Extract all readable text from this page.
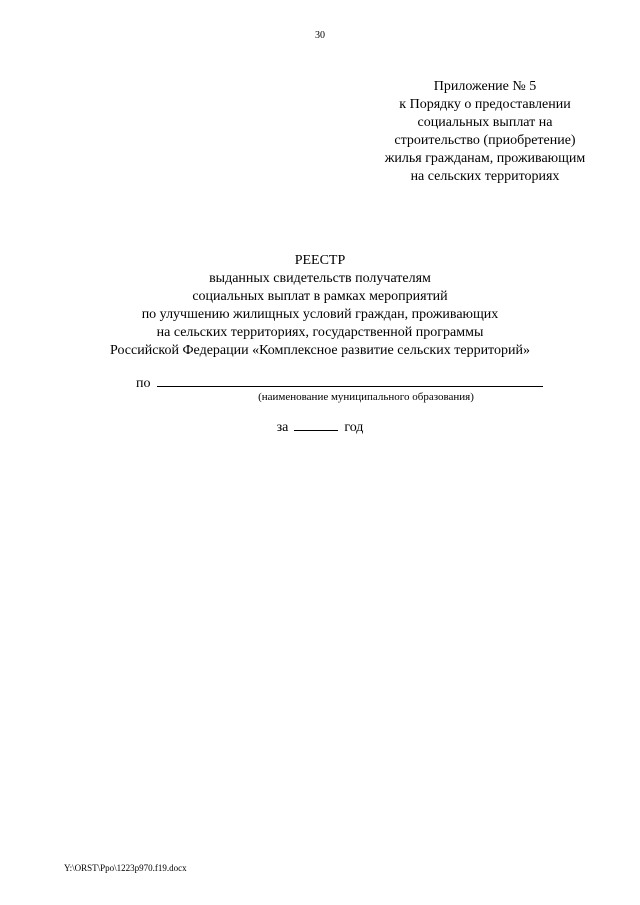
30
Приложение № 5
к Порядку о предоставлении
социальных выплат на
строительство (приобретение)
жилья гражданам, проживающим
на сельских территориях
РЕЕСТР
выданных свидетельств получателям
социальных выплат в рамках мероприятий
по улучшению жилищных условий граждан, проживающих
на сельских территориях, государственной программы
Российской Федерации «Комплексное развитие сельских территорий»
по
(наименование муниципального образования)
за	год
Y:\ORST\Ppo\1223p970.f19.docx
